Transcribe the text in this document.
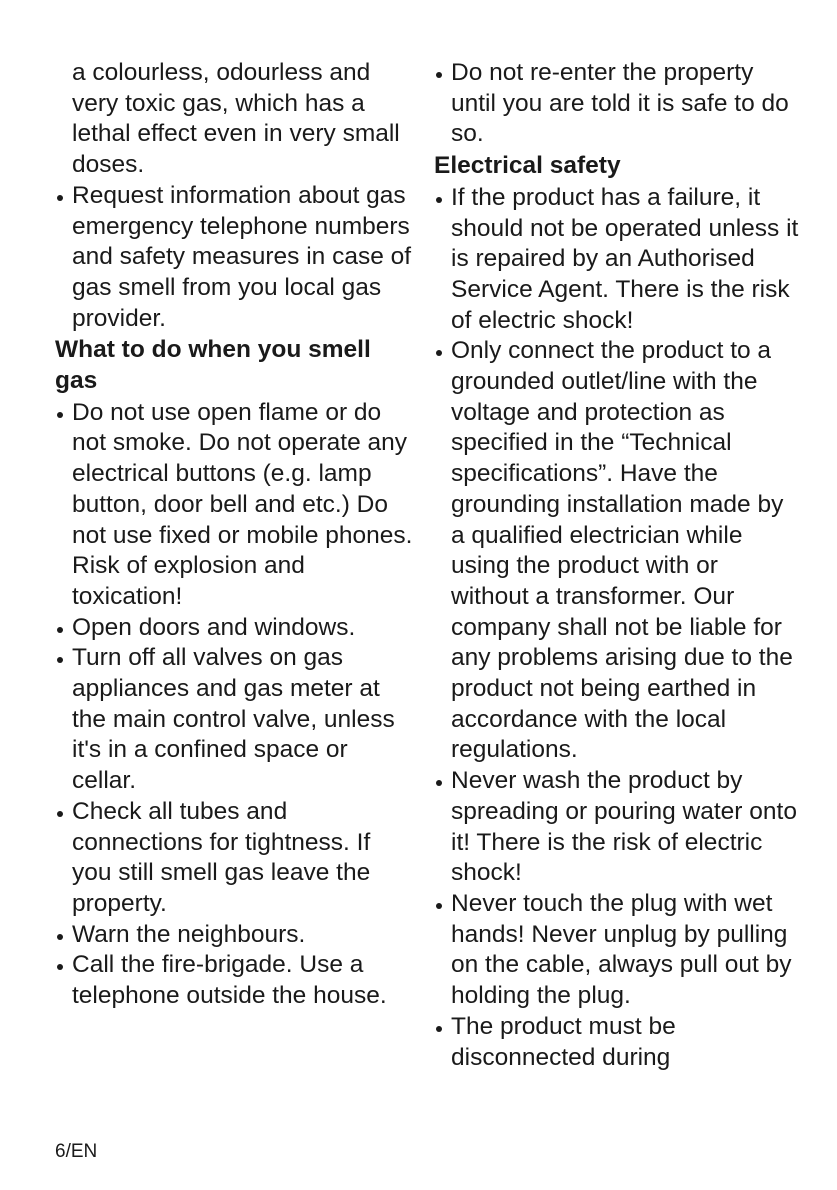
a colourless, odourless and very toxic gas, which has a lethal effect even in very small doses.

Request information about gas emergency telephone numbers and safety measures in case of gas smell from you local gas provider.

What to do when you smell gas

Do not use open flame or do not smoke. Do not operate any electrical buttons (e.g. lamp button, door bell and etc.) Do not use fixed or mobile phones. Risk of explosion and toxication!
Open doors and windows.
Turn off all valves on gas appliances and gas meter at the main control valve, unless it's in a confined space or cellar.
Check all tubes and connections for tightness. If you still smell gas leave the property.
Warn the neighbours.
Call the fire-brigade. Use a telephone outside the house.
Do not re-enter the property until you are told it is safe to do so.

Electrical safety

If the product has a failure, it should not be operated unless it is repaired by an Authorised Service Agent. There is the risk of electric shock!
Only connect the product to a grounded outlet/line with the voltage and protection as specified in the “Technical specifications”. Have the grounding installation made by a qualified electrician while using the product with or without a transformer. Our company shall not be liable for any problems arising due to the product not being earthed in accordance with the local regulations.
Never wash the product by spreading or pouring water onto it! There is the risk of electric shock!
Never touch the plug with wet hands! Never unplug by pulling on the cable, always pull out by holding the plug.
The product must be disconnected during
6/EN
